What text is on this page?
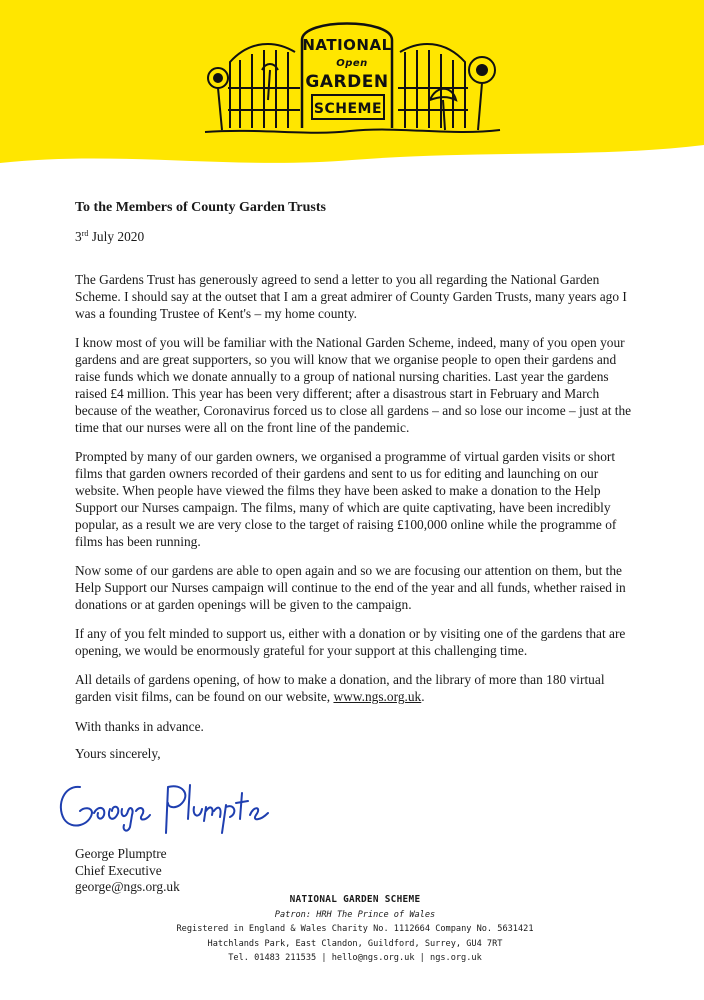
NATIONAL
Open
GARDEN
SCHEME

To the Members of County Garden Trusts

3rd July 2020

The Gardens Trust has generously agreed to send a letter to you all regarding the National Garden Scheme. I should say at the outset that I am a great admirer of County Garden Trusts, many years ago I was a founding Trustee of Kent's – my home county.

I know most of you will be familiar with the National Garden Scheme, indeed, many of you open your gardens and are great supporters, so you will know that we organise people to open their gardens and raise funds which we donate annually to a group of national nursing charities. Last year the gardens raised £4 million. This year has been very different; after a disastrous start in February and March because of the weather, Coronavirus forced us to close all gardens – and so lose our income – just at the time that our nurses were all on the front line of the pandemic.

Prompted by many of our garden owners, we organised a programme of virtual garden visits or short films that garden owners recorded of their gardens and sent to us for editing and launching on our website. When people have viewed the films they have been asked to make a donation to the Help Support our Nurses campaign. The films, many of which are quite captivating, have been incredibly popular, as a result we are very close to the target of raising £100,000 online while the programme of films has been running.

Now some of our gardens are able to open again and so we are focusing our attention on them, but the Help Support our Nurses campaign will continue to the end of the year and all funds, whether raised in donations or at garden openings will be given to the campaign.

If any of you felt minded to support us, either with a donation or by visiting one of the gardens that are opening, we would be enormously grateful for your support at this challenging time.

All details of gardens opening, of how to make a donation, and the library of more than 180 virtual garden visit films, can be found on our website, www.ngs.org.uk.

With thanks in advance.

Yours sincerely,

George Plumptre
Chief Executive
george@ngs.org.uk
NATIONAL GARDEN SCHEME
Patron: HRH The Prince of Wales
Registered in England & Wales Charity No. 1112664 Company No. 5631421
Hatchlands Park, East Clandon, Guildford, Surrey, GU4 7RT
Tel. 01483 211535 | hello@ngs.org.uk | ngs.org.uk
